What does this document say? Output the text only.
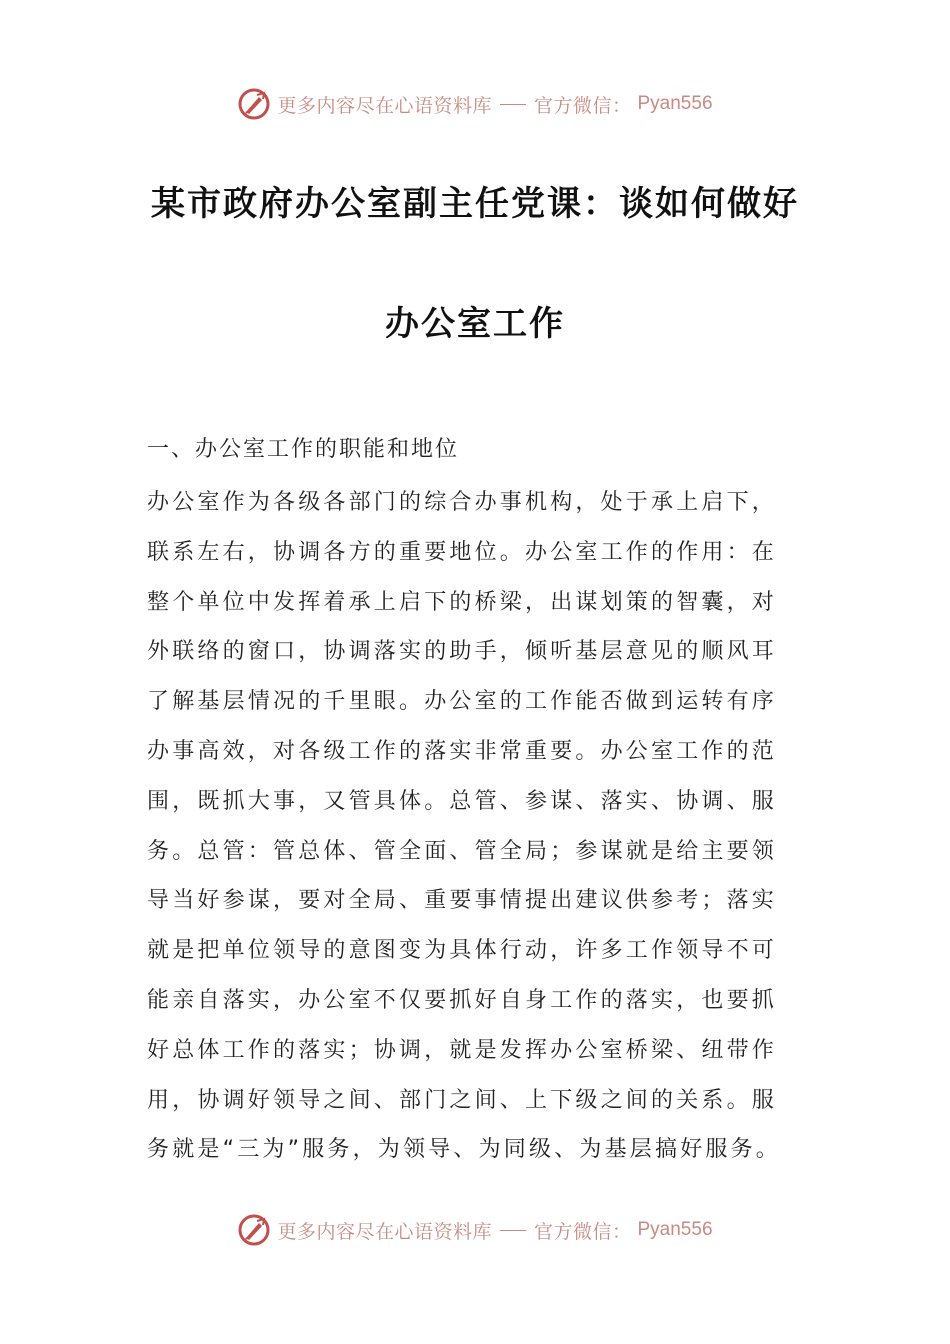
更多内容尽在心语资料库 官方微信： Pyan556
某市政府办公室副主任党课：谈如何做好
办公室工作
一、办公室工作的职能和地位
办公室作为各级各部门的综合办事机构，处于承上启下，
联系左右，协调各方的重要地位。办公室工作的作用：在
整个单位中发挥着承上启下的桥梁，出谋划策的智囊，对
外联络的窗口，协调落实的助手，倾听基层意见的顺风耳
了解基层情况的千里眼。办公室的工作能否做到运转有序
办事高效，对各级工作的落实非常重要。办公室工作的范
围，既抓大事，又管具体。总管、参谋、落实、协调、服
务。总管：管总体、管全面、管全局；参谋就是给主要领
导当好参谋，要对全局、重要事情提出建议供参考；落实
就是把单位领导的意图变为具体行动，许多工作领导不可
能亲自落实，办公室不仅要抓好自身工作的落实，也要抓
好总体工作的落实；协调，就是发挥办公室桥梁、纽带作
用，协调好领导之间、部门之间、上下级之间的关系。服
务就是“三为”服务，为领导、为同级、为基层搞好服务。
更多内容尽在心语资料库 官方微信： Pyan556
